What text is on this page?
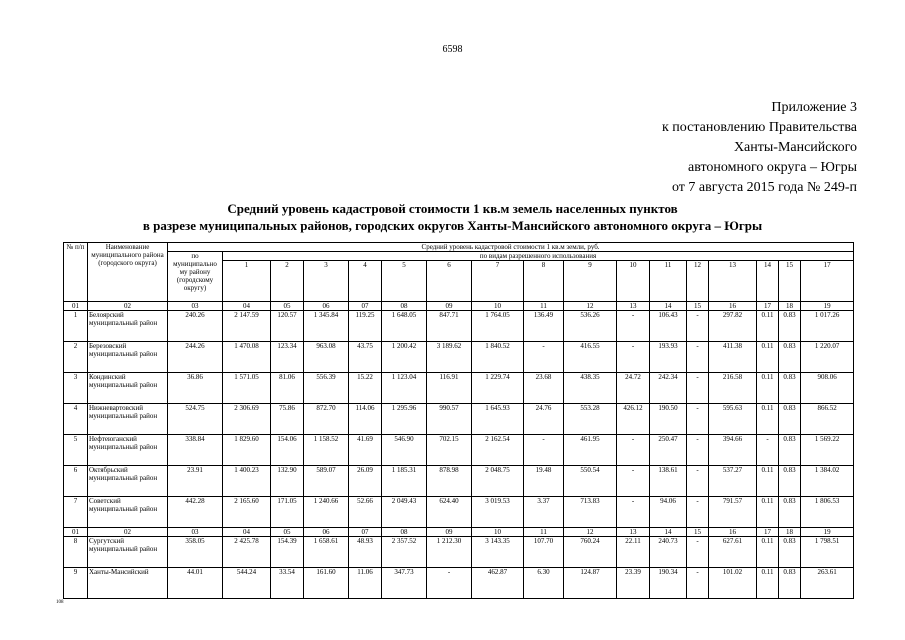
6598
Приложение 3
к постановлению Правительства
Ханты-Мансийского
автономного округа – Югры
от 7 августа 2015 года № 249-п
Средний уровень кадастровой стоимости 1 кв.м земель населенных пунктов
в разрезе муниципальных районов, городских округов Ханты-Мансийского автономного округа – Югры
№ п/п	Наименование муниципального района (городского округа)	Средний уровень кадастровой стоимости 1 кв.м земли, руб.																
		по муниципально му району (городскому округу)	по видам разрешенного использования															
			1	2	3	4	5	6	7	8	9	10	11	12	13	14	15	17
01	02	03	04	05	06	07	08	09	10	11	12	13	14	15	16	17	18	19
1	Белоярский муниципальный район	240.26	2 147.59	120.57	1 345.84	119.25	1 648.05	847.71	1 764.05	136.49	536.26	-	106.43	-	297.82	0.11	0.83	1 017.26
2	Березовский муниципальный район	244.26	1 470.08	123.34	963.08	43.75	1 200.42	3 189.62	1 840.52	-	416.55	-	193.93	-	411.38	0.11	0.83	1 220.07
3	Кондинский муниципальный район	36.86	1 571.05	81.06	556.39	15.22	1 123.04	116.91	1 229.74	23.68	438.35	24.72	242.34	-	216.58	0.11	0.83	908.06
4	Нижневартовский муниципальный район	524.75	2 306.69	75.86	872.70	114.06	1 295.96	990.57	1 645.93	24.76	553.28	426.12	190.50	-	595.63	0.11	0.83	866.52
5	Нефтеюганский муниципальный район	338.84	1 829.60	154.06	1 158.52	41.69	546.90	702.15	2 162.54	-	461.95	-	250.47	-	394.66	-	0.83	1 569.22
6	Октябрьский муниципальный район	23.91	1 400.23	132.90	589.07	26.09	1 185.31	878.98	2 048.75	19.48	550.54	-	138.61	-	537.27	0.11	0.83	1 384.02
7	Советский муниципальный район	442.28	2 165.60	171.05	1 240.66	52.66	2 049.43	624.40	3 019.53	3.37	713.83	-	94.06	-	791.57	0.11	0.83	1 806.53
01	02	03	04	05	06	07	08	09	10	11	12	13	14	15	16	17	18	19
8	Сургутский муниципальный район	358.05	2 425.78	154.39	1 658.61	48.93	2 357.52	1 212.30	3 143.35	107.70	760.24	22.11	240.73	-	627.61	0.11	0.83	1 798.51
9	Ханты-Мансийский	44.01	544.24	33.54	161.60	11.06	347.73	-	462.87	6.30	124.87	23.39	190.34	-	101.02	0.11	0.83	263.61
108
